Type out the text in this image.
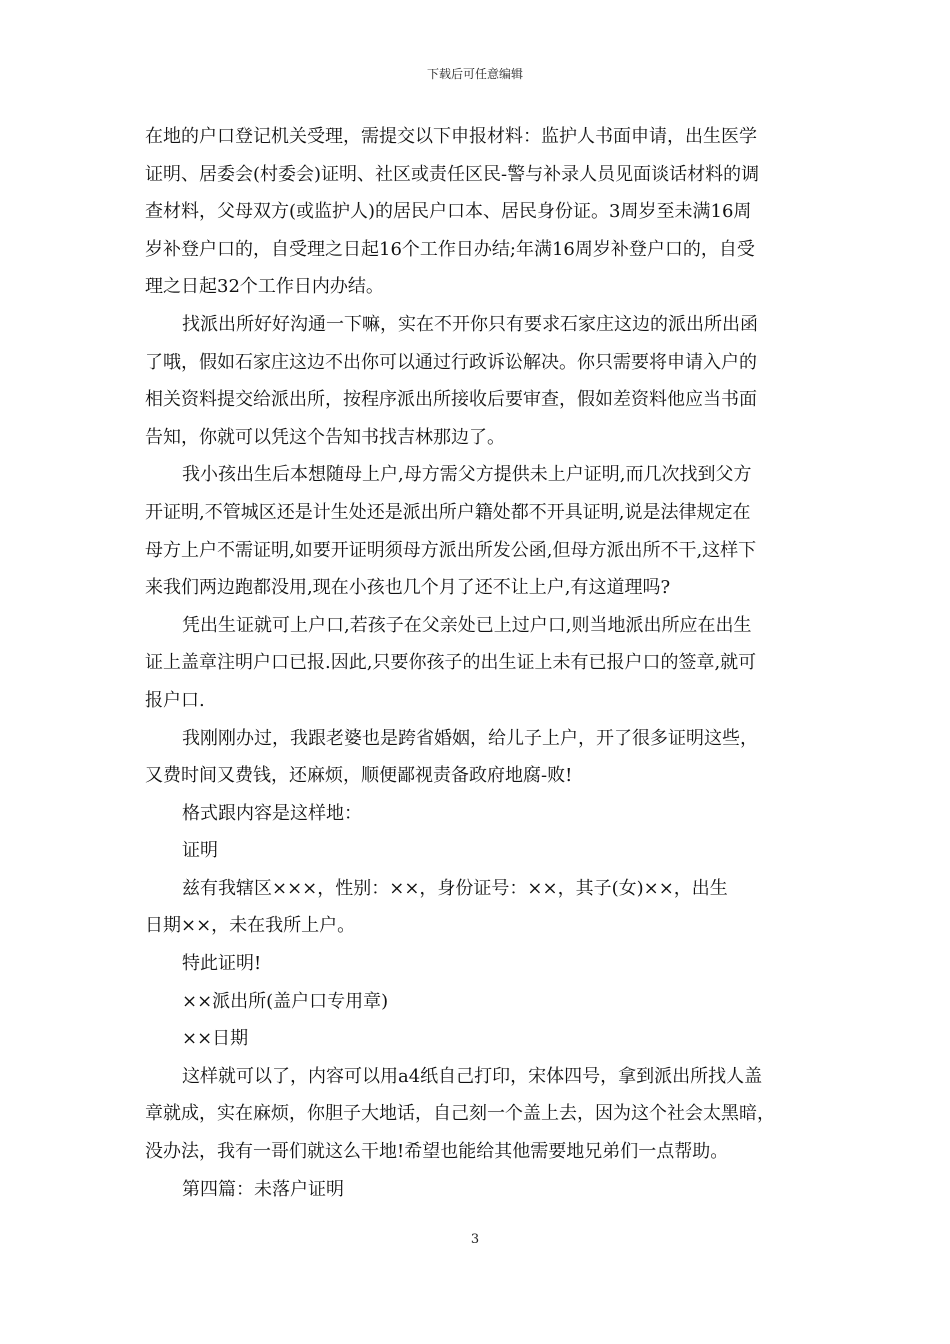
下载后可任意编辑
在地的户口登记机关受理，需提交以下申报材料：监护人书面申请，出生医学
证明、居委会(村委会)证明、社区或责任区民-警与补录人员见面谈话材料的调
查材料，父母双方(或监护人)的居民户口本、居民身份证。3周岁至未满16周
岁补登户口的，自受理之日起16个工作日办结;年满16周岁补登户口的，自受
理之日起32个工作日内办结。
找派出所好好沟通一下嘛，实在不开你只有要求石家庄这边的派出所出函
了哦，假如石家庄这边不出你可以通过行政诉讼解决。你只需要将申请入户的
相关资料提交给派出所，按程序派出所接收后要审查，假如差资料他应当书面
告知，你就可以凭这个告知书找吉林那边了。
我小孩出生后本想随母上户,母方需父方提供未上户证明,而几次找到父方
开证明,不管城区还是计生处还是派出所户籍处都不开具证明,说是法律规定在
母方上户不需证明,如要开证明须母方派出所发公函,但母方派出所不干,这样下
来我们两边跑都没用,现在小孩也几个月了还不让上户,有这道理吗?
凭出生证就可上户口,若孩子在父亲处已上过户口,则当地派出所应在出生
证上盖章注明户口已报.因此,只要你孩子的出生证上未有已报户口的签章,就可
报户口.
我刚刚办过，我跟老婆也是跨省婚姻，给儿子上户，开了很多证明这些，
又费时间又费钱，还麻烦，顺便鄙视责备政府地腐-败!
格式跟内容是这样地：
证明
兹有我辖区×××，性别：××，身份证号：××，其子(女)××，出生
日期××，未在我所上户。
特此证明!
××派出所(盖户口专用章)
××日期
这样就可以了，内容可以用a4纸自己打印，宋体四号，拿到派出所找人盖
章就成，实在麻烦，你胆子大地话，自己刻一个盖上去，因为这个社会太黑暗，
没办法，我有一哥们就这么干地!希望也能给其他需要地兄弟们一点帮助。
第四篇：未落户证明
3
